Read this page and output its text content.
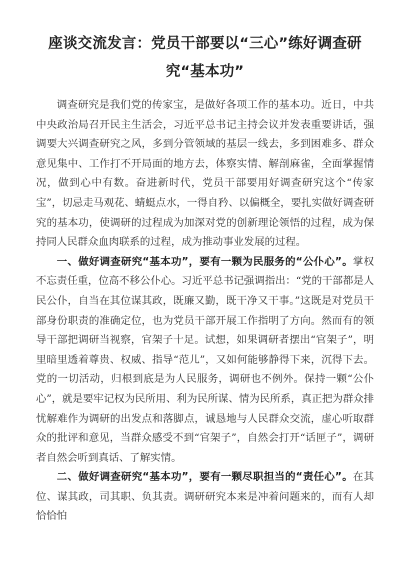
座谈交流发言：党员干部要以“三心”练好调查研究“基本功”

调查研究是我们党的传家宝，是做好各项工作的基本功。近日，中共中央政治局召开民主生活会，习近平总书记主持会议并发表重要讲话，强调要大兴调查研究之风，多到分管领域的基层一线去，多到困难多、群众意见集中、工作打不开局面的地方去，体察实情、解剖麻雀，全面掌握情况，做到心中有数。奋进新时代，党员干部要用好调查研究这个“传家宝”，切忌走马观花、蜻蜓点水，一得自矜、以偏概全，要扎实做好调查研究的基本功，使调研的过程成为加深对党的创新理论领悟的过程，成为保持同人民群众血肉联系的过程，成为推动事业发展的过程。

一、做好调查研究“基本功”，要有一颗为民服务的“公仆心”。掌权不忘责任重，位高不移公仆心。习近平总书记强调指出：“党的干部都是人民公仆，自当在其位谋其政，既廉又勤，既干净又干事。”这既是对党员干部身份职责的准确定位，也为党员干部开展工作指明了方向。然而有的领导干部把调研当视察，官架子十足。试想，如果调研者摆出“官架子”，明里暗里透着尊贵、权威、指导“范儿”，又如何能够静得下来，沉得下去。党的一切活动，归根到底是为人民服务，调研也不例外。保持一颗“公仆心”，就是要牢记权为民所用、利为民所谋、情为民所系，真正把为群众排忧解难作为调研的出发点和落脚点，诚恳地与人民群众交流，虚心听取群众的批评和意见，当群众感受不到“官架子”，自然会打开“话匣子”，调研者自然会听到真话、了解实情。

二、做好调查研究“基本功”，要有一颗尽职担当的“责任心”。在其位、谋其政，司其职、负其责。调研研究本来是冲着问题来的，而有人却恰恰怕
